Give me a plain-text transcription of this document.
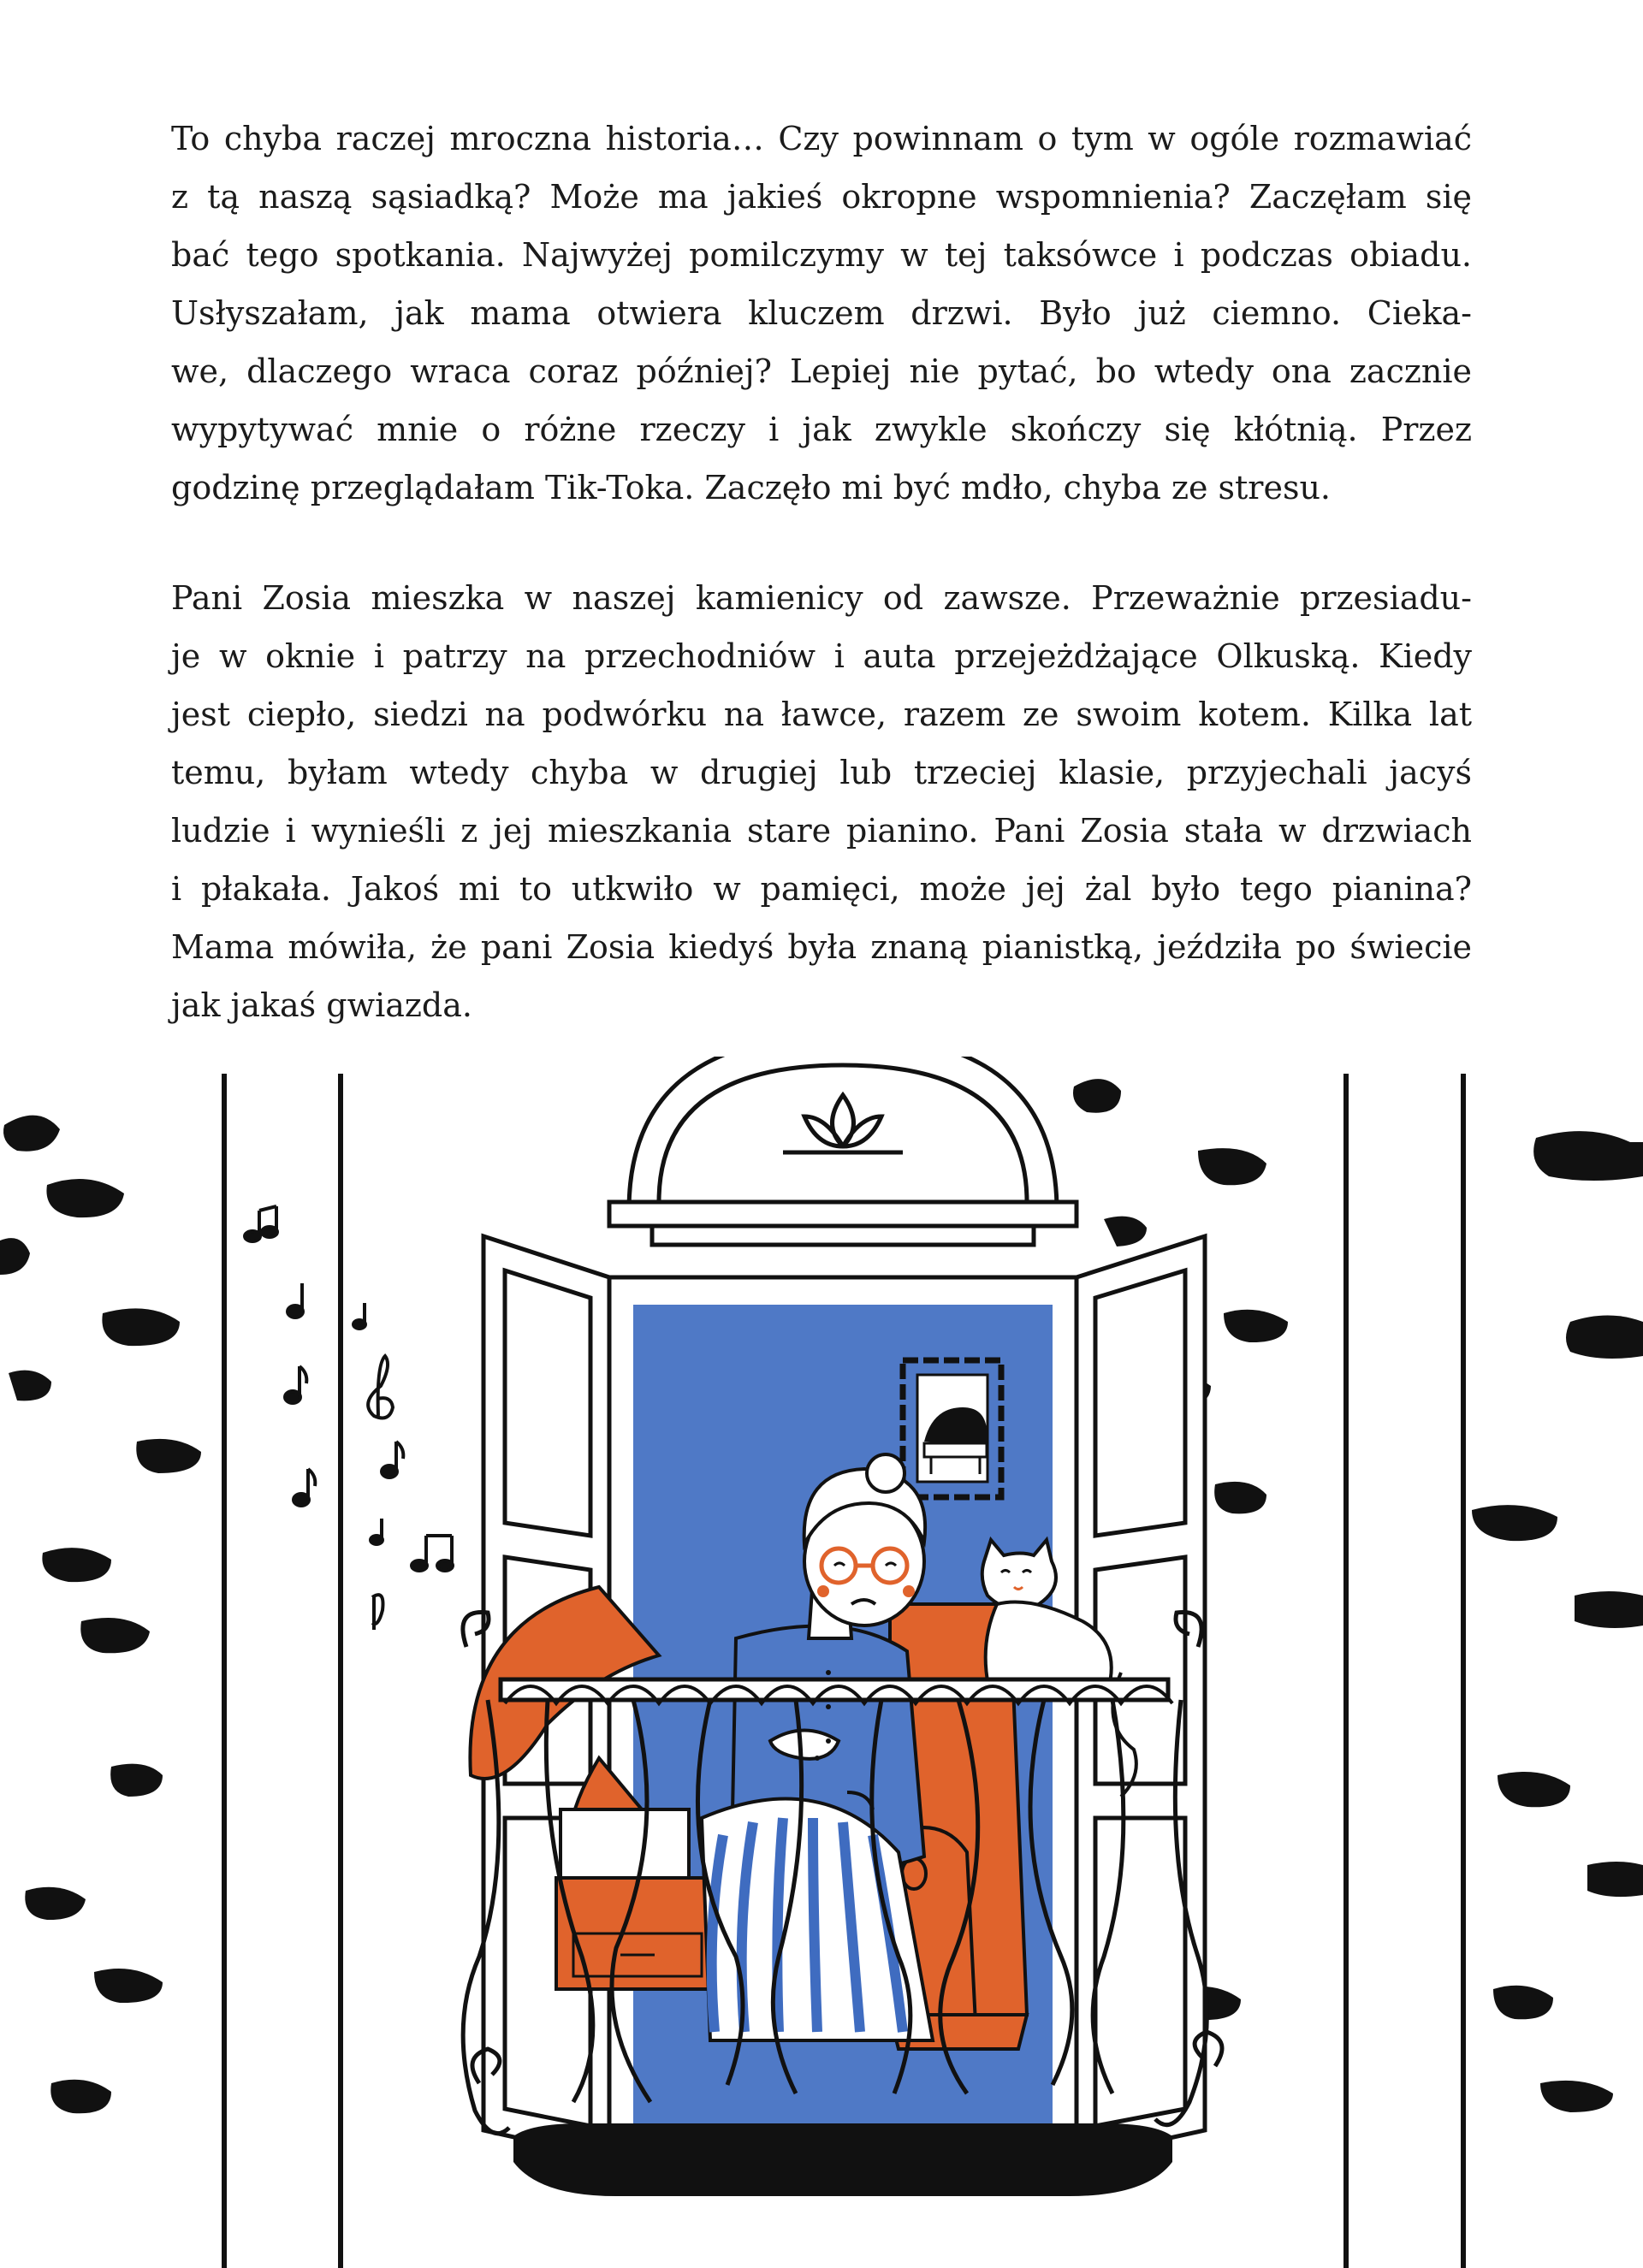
To chyba raczej mroczna historia… Czy powinnam o tym w ogóle rozmawiać
z tą naszą sąsiadką? Może ma jakieś okropne wspomnienia? Zaczęłam się
bać tego spotkania. Najwyżej pomilczymy w tej taksówce i podczas obiadu.
Usłyszałam, jak mama otwiera kluczem drzwi. Było już ciemno. Cieka-
we, dlaczego wraca coraz później? Lepiej nie pytać, bo wtedy ona zacznie
wypytywać mnie o różne rzeczy i jak zwykle skończy się kłótnią. Przez
godzinę przeglądałam Tik-Toka. Zaczęło mi być mdło, chyba ze stresu.
Pani Zosia mieszka w naszej kamienicy od zawsze. Przeważnie przesiadu-
je w oknie i patrzy na przechodniów i auta przejeżdżające Olkuską. Kiedy
jest ciepło, siedzi na podwórku na ławce, razem ze swoim kotem. Kilka lat
temu, byłam wtedy chyba w drugiej lub trzeciej klasie, przyjechali jacyś
ludzie i wynieśli z jej mieszkania stare pianino. Pani Zosia stała w drzwiach
i płakała. Jakoś mi to utkwiło w pamięci, może jej żal było tego pianina?
Mama mówiła, że pani Zosia kiedyś była znaną pianistką, jeździła po świecie
jak jakaś gwiazda.
